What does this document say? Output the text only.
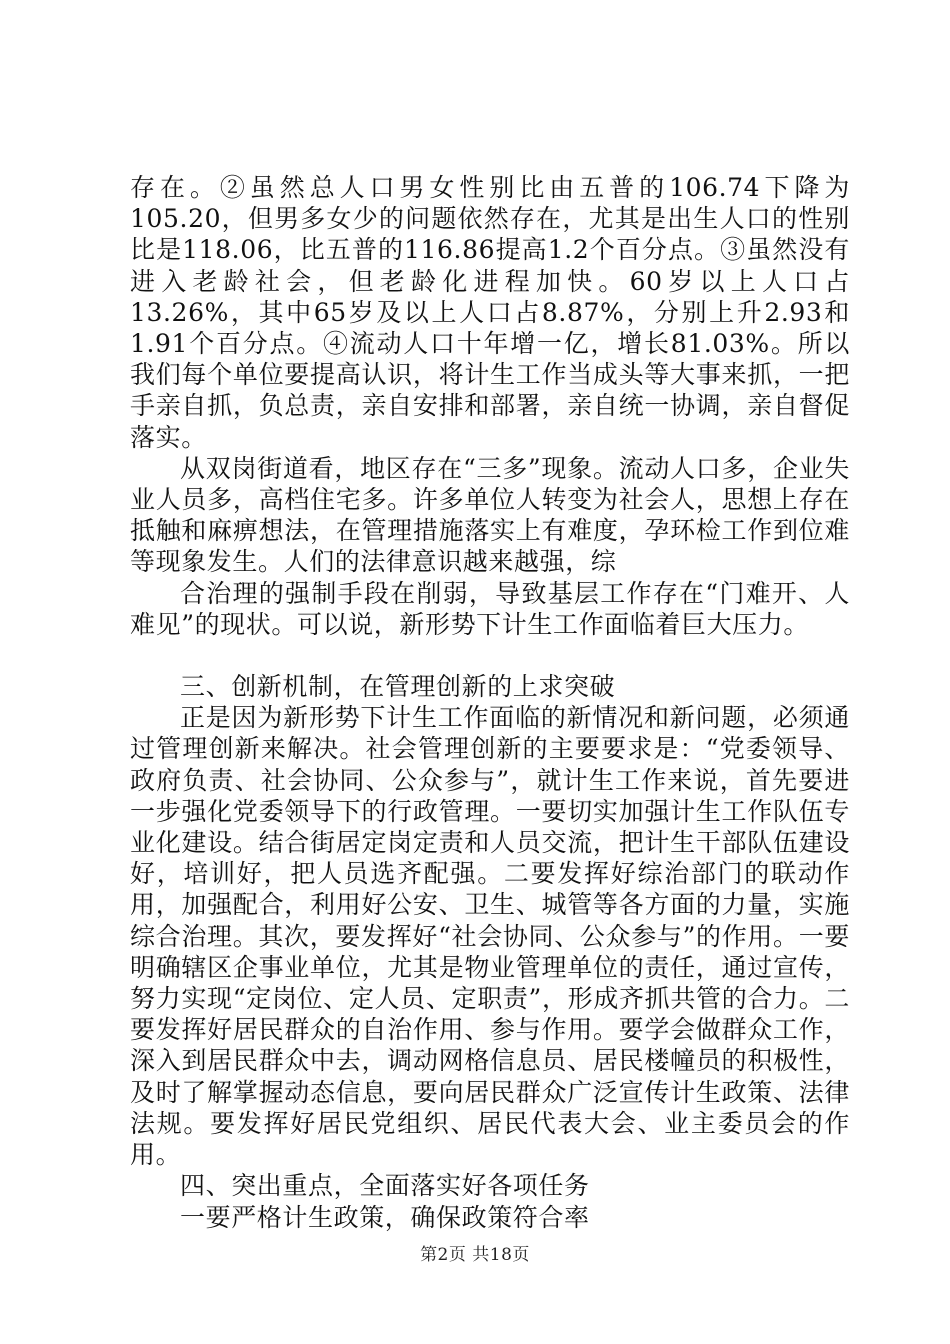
存在。②虽然总人口男女性别比由五普的106.74下降为105.20，但男多女少的问题依然存在，尤其是出生人口的性别比是118.06，比五普的116.86提高1.2个百分点。③虽然没有进入老龄社会，但老龄化进程加快。60岁以上人口占13.26%，其中65岁及以上人口占8.87%，分别上升2.93和1.91个百分点。④流动人口十年增一亿，增长81.03%。所以我们每个单位要提高认识，将计生工作当成头等大事来抓，一把手亲自抓，负总责，亲自安排和部署，亲自统一协调，亲自督促落实。

从双岗街道看，地区存在“三多”现象。流动人口多，企业失业人员多，高档住宅多。许多单位人转变为社会人，思想上存在抵触和麻痹想法，在管理措施落实上有难度，孕环检工作到位难等现象发生。人们的法律意识越来越强，综

合治理的强制手段在削弱，导致基层工作存在“门难开、人难见”的现状。可以说，新形势下计生工作面临着巨大压力。

三、创新机制，在管理创新的上求突破

正是因为新形势下计生工作面临的新情况和新问题，必须通过管理创新来解决。社会管理创新的主要要求是：“党委领导、政府负责、社会协同、公众参与”，就计生工作来说，首先要进一步强化党委领导下的行政管理。一要切实加强计生工作队伍专业化建设。结合街居定岗定责和人员交流，把计生干部队伍建设好，培训好，把人员选齐配强。二要发挥好综治部门的联动作用，加强配合，利用好公安、卫生、城管等各方面的力量，实施综合治理。其次，要发挥好“社会协同、公众参与”的作用。一要明确辖区企事业单位，尤其是物业管理单位的责任，通过宣传，努力实现“定岗位、定人员、定职责”，形成齐抓共管的合力。二要发挥好居民群众的自治作用、参与作用。要学会做群众工作，深入到居民群众中去，调动网格信息员、居民楼幢员的积极性，及时了解掌握动态信息，要向居民群众广泛宣传计生政策、法律法规。要发挥好居民党组织、居民代表大会、业主委员会的作用。

四、突出重点，全面落实好各项任务

一要严格计生政策，确保政策符合率

第2页 共18页
